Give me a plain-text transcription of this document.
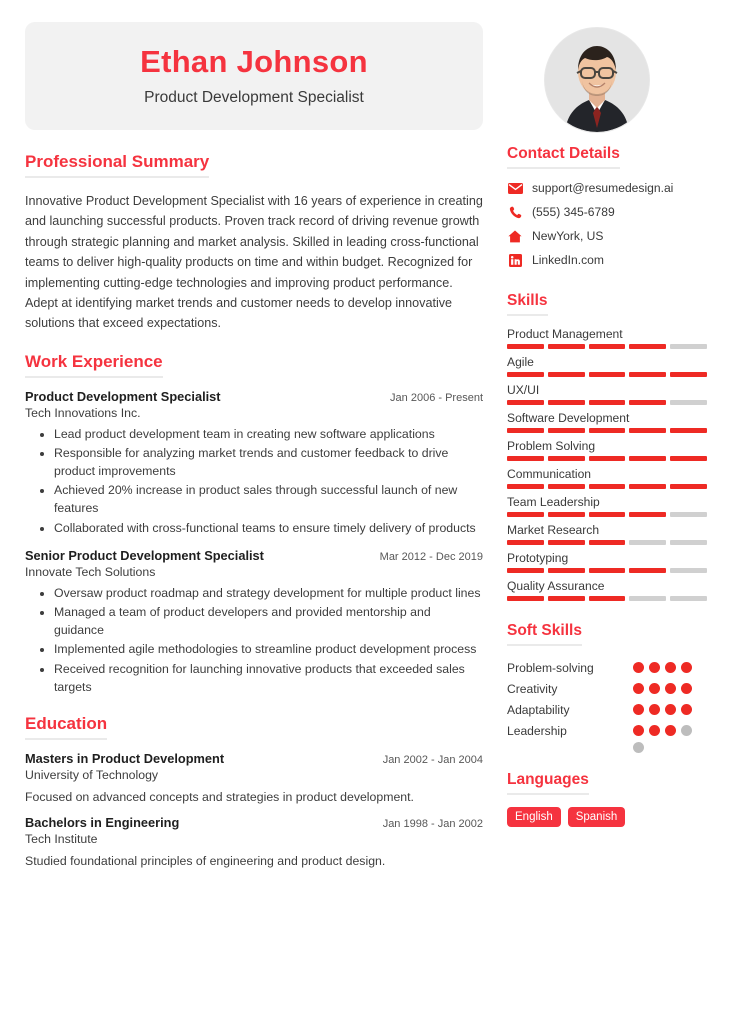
Ethan Johnson
Product Development Specialist
Professional Summary
Innovative Product Development Specialist with 16 years of experience in creating and launching successful products. Proven track record of driving revenue growth through strategic planning and market analysis. Skilled in leading cross-functional teams to deliver high-quality products on time and within budget. Recognized for implementing cutting-edge technologies and improving product performance. Adept at identifying market trends and customer needs to develop innovative solutions that exceed expectations.
Work Experience
Product Development Specialist	Jan 2006 - Present
Tech Innovations Inc.
• Lead product development team in creating new software applications
• Responsible for analyzing market trends and customer feedback to drive product improvements
• Achieved 20% increase in product sales through successful launch of new features
• Collaborated with cross-functional teams to ensure timely delivery of products
Senior Product Development Specialist	Mar 2012 - Dec 2019
Innovate Tech Solutions
• Oversaw product roadmap and strategy development for multiple product lines
• Managed a team of product developers and provided mentorship and guidance
• Implemented agile methodologies to streamline product development process
• Received recognition for launching innovative products that exceeded sales targets
Education
Masters in Product Development	Jan 2002 - Jan 2004
University of Technology
Focused on advanced concepts and strategies in product development.
Bachelors in Engineering	Jan 1998 - Jan 2002
Tech Institute
Studied foundational principles of engineering and product design.
Contact Details
support@resumedesign.ai
(555) 345-6789
NewYork, US
LinkedIn.com
Skills
Product Management
Agile
UX/UI
Software Development
Problem Solving
Communication
Team Leadership
Market Research
Prototyping
Quality Assurance
Soft Skills
Problem-solving
Creativity
Adaptability
Leadership
Languages
English	Spanish
